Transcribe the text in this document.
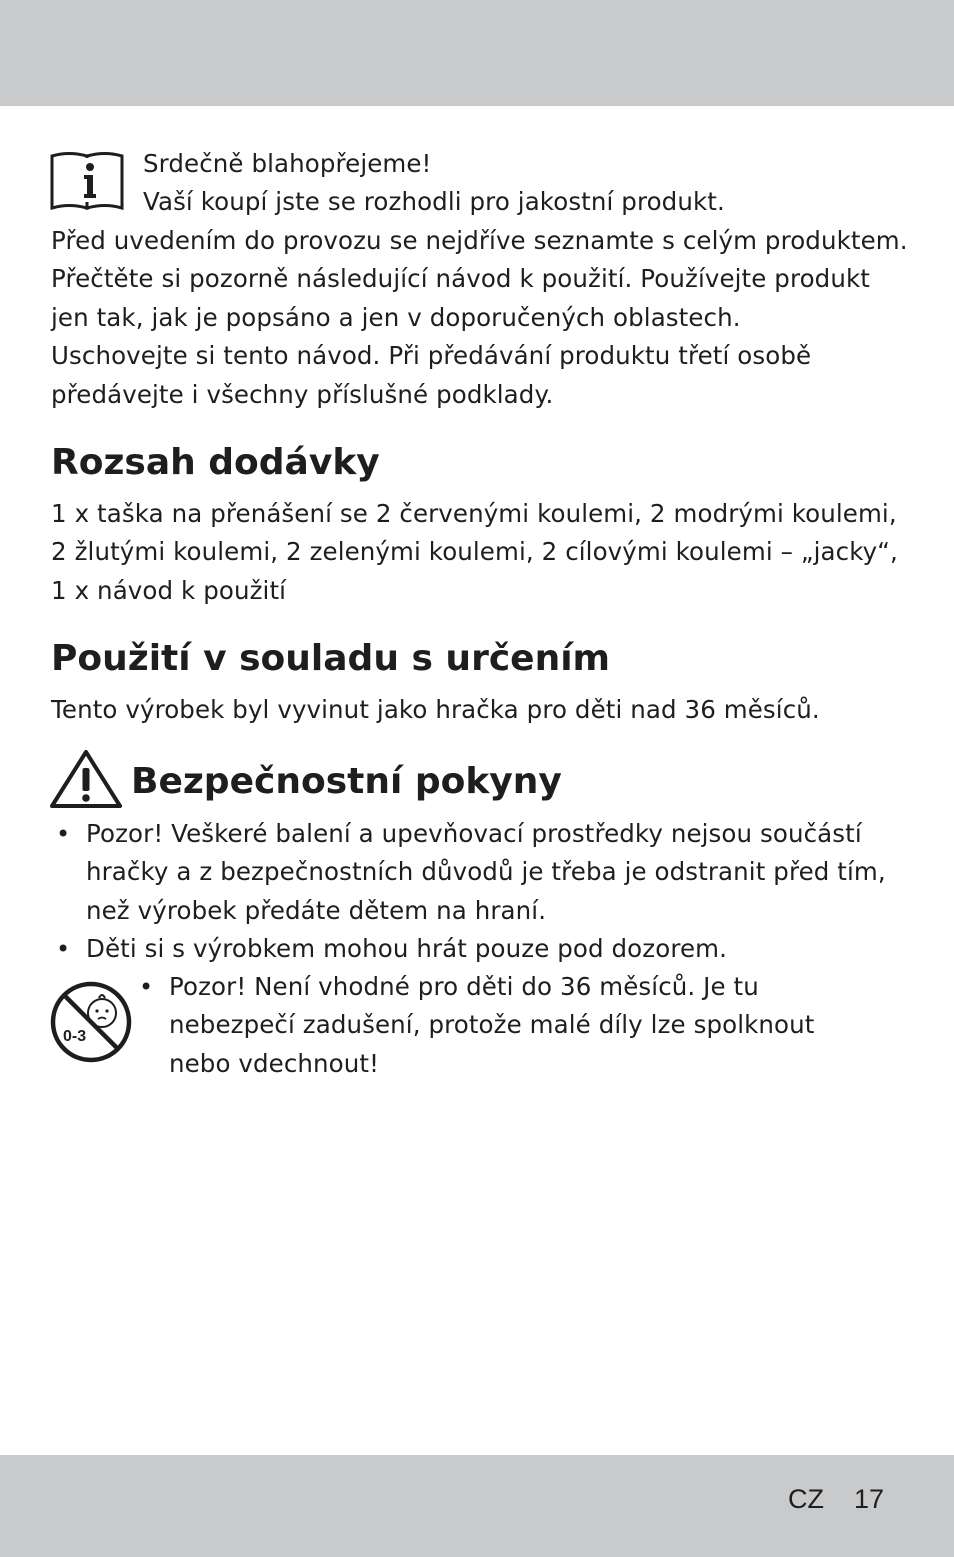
Srdečně blahopřejeme!
Vaší koupí jste se rozhodli pro jakostní produkt.
Před uvedením do provozu se nejdříve seznamte s celým produktem.
Přečtěte si pozorně následující návod k použití. Používejte produkt
jen tak, jak je popsáno a jen v doporučených oblastech.
Uschovejte si tento návod. Při předávání produktu třetí osobě
předávejte i všechny příslušné podklady.
Rozsah dodávky
1 x taška na přenášení se 2 červenými koulemi, 2 modrými koulemi,
2 žlutými koulemi, 2 zelenými koulemi, 2 cílovými koulemi – „jacky“,
1 x návod k použití
Použití v souladu s určením
Tento výrobek byl vyvinut jako hračka pro děti nad 36 měsíců.
Bezpečnostní pokyny
• Pozor! Veškeré balení a upevňovací prostředky nejsou součástí
hračky a z bezpečnostních důvodů je třeba je odstranit před tím,
než výrobek předáte dětem na hraní.
• Děti si s výrobkem mohou hrát pouze pod dozorem.
0-3
• Pozor! Není vhodné pro děti do 36 měsíců. Je tu
nebezpečí zadušení, protože malé díly lze spolknout
nebo vdechnout!
CZ 17
